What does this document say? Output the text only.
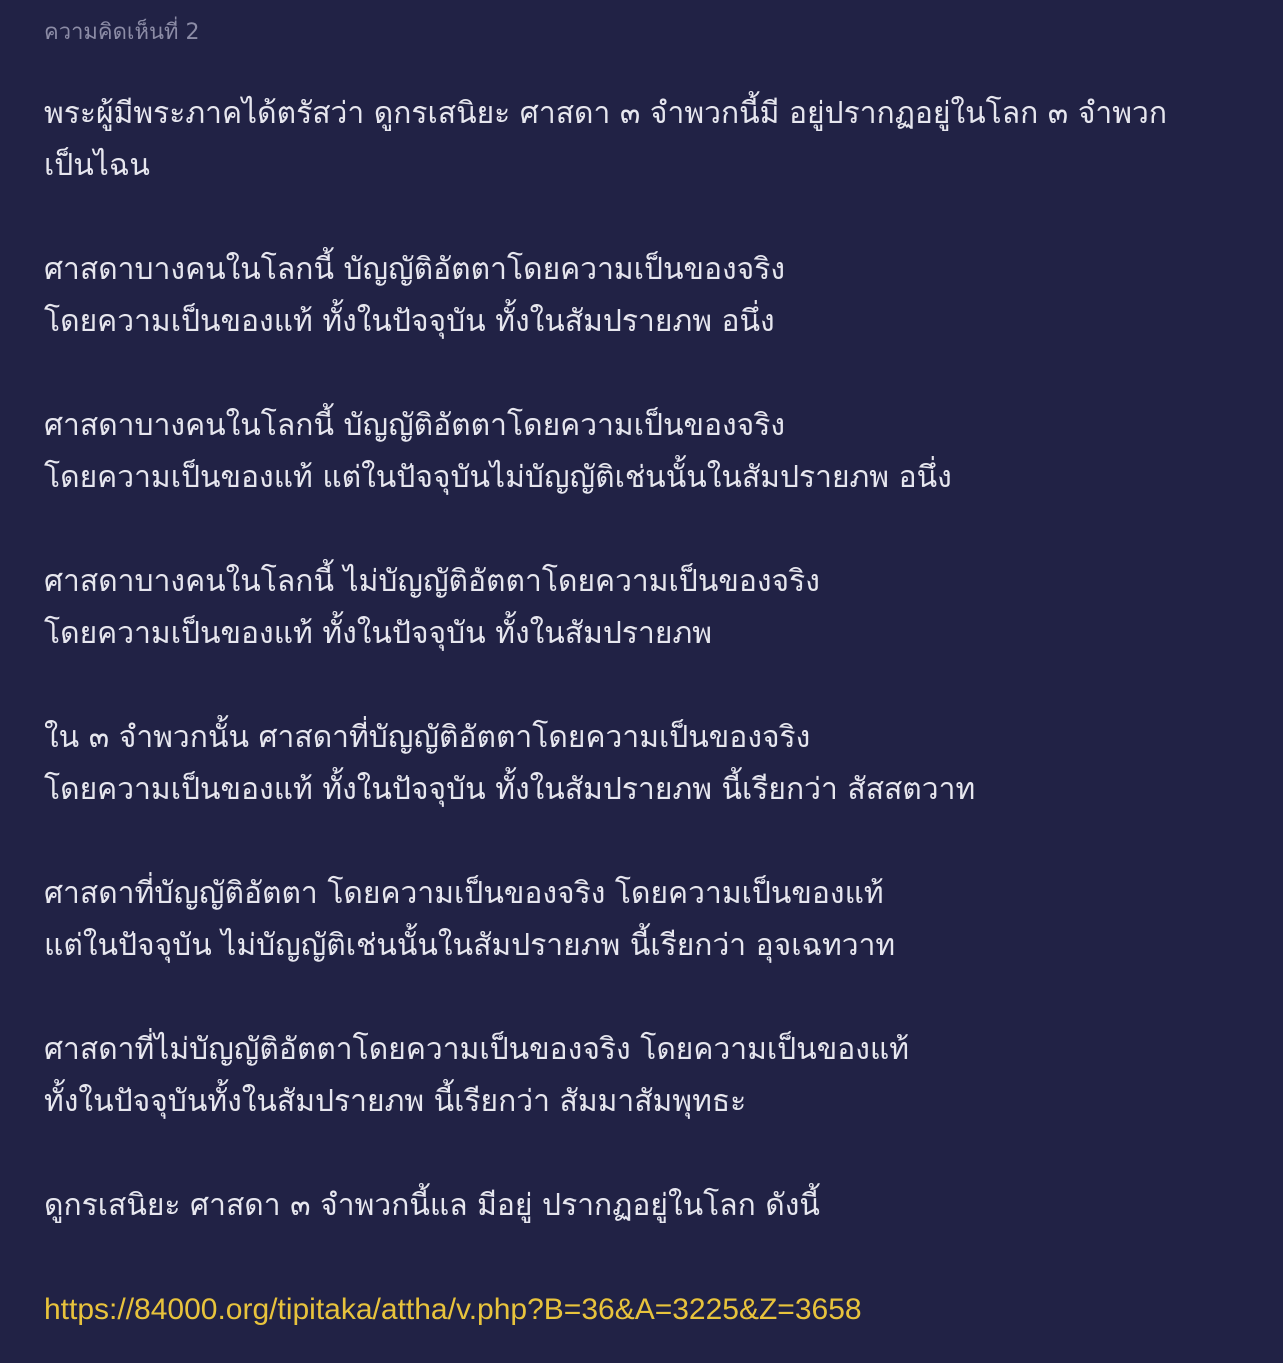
ความคิดเห็นที่ 2

พระผู้มีพระภาคได้ตรัสว่า ดูกรเสนิยะ ศาสดา ๓ จำพวกนี้มี อยู่ปรากฏอยู่ในโลก ๓ จำพวก
เป็นไฉน

ศาสดาบางคนในโลกนี้ บัญญัติอัตตาโดยความเป็นของจริง
โดยความเป็นของแท้ ทั้งในปัจจุบัน ทั้งในสัมปรายภพ อนึ่ง

ศาสดาบางคนในโลกนี้ บัญญัติอัตตาโดยความเป็นของจริง
โดยความเป็นของแท้ แต่ในปัจจุบันไม่บัญญัติเช่นนั้นในสัมปรายภพ อนึ่ง

ศาสดาบางคนในโลกนี้ ไม่บัญญัติอัตตาโดยความเป็นของจริง
โดยความเป็นของแท้ ทั้งในปัจจุบัน ทั้งในสัมปรายภพ

ใน ๓ จำพวกนั้น ศาสดาที่บัญญัติอัตตาโดยความเป็นของจริง
โดยความเป็นของแท้ ทั้งในปัจจุบัน ทั้งในสัมปรายภพ นี้เรียกว่า สัสสตวาท

ศาสดาที่บัญญัติอัตตา โดยความเป็นของจริง โดยความเป็นของแท้
แต่ในปัจจุบัน ไม่บัญญัติเช่นนั้นในสัมปรายภพ นี้เรียกว่า อุจเฉทวาท

ศาสดาที่ไม่บัญญัติอัตตาโดยความเป็นของจริง โดยความเป็นของแท้
ทั้งในปัจจุบันทั้งในสัมปรายภพ นี้เรียกว่า สัมมาสัมพุทธะ

ดูกรเสนิยะ ศาสดา ๓ จำพวกนี้แล มีอยู่ ปรากฏอยู่ในโลก ดังนี้

https://84000.org/tipitaka/attha/v.php?B=36&A=3225&Z=3658
